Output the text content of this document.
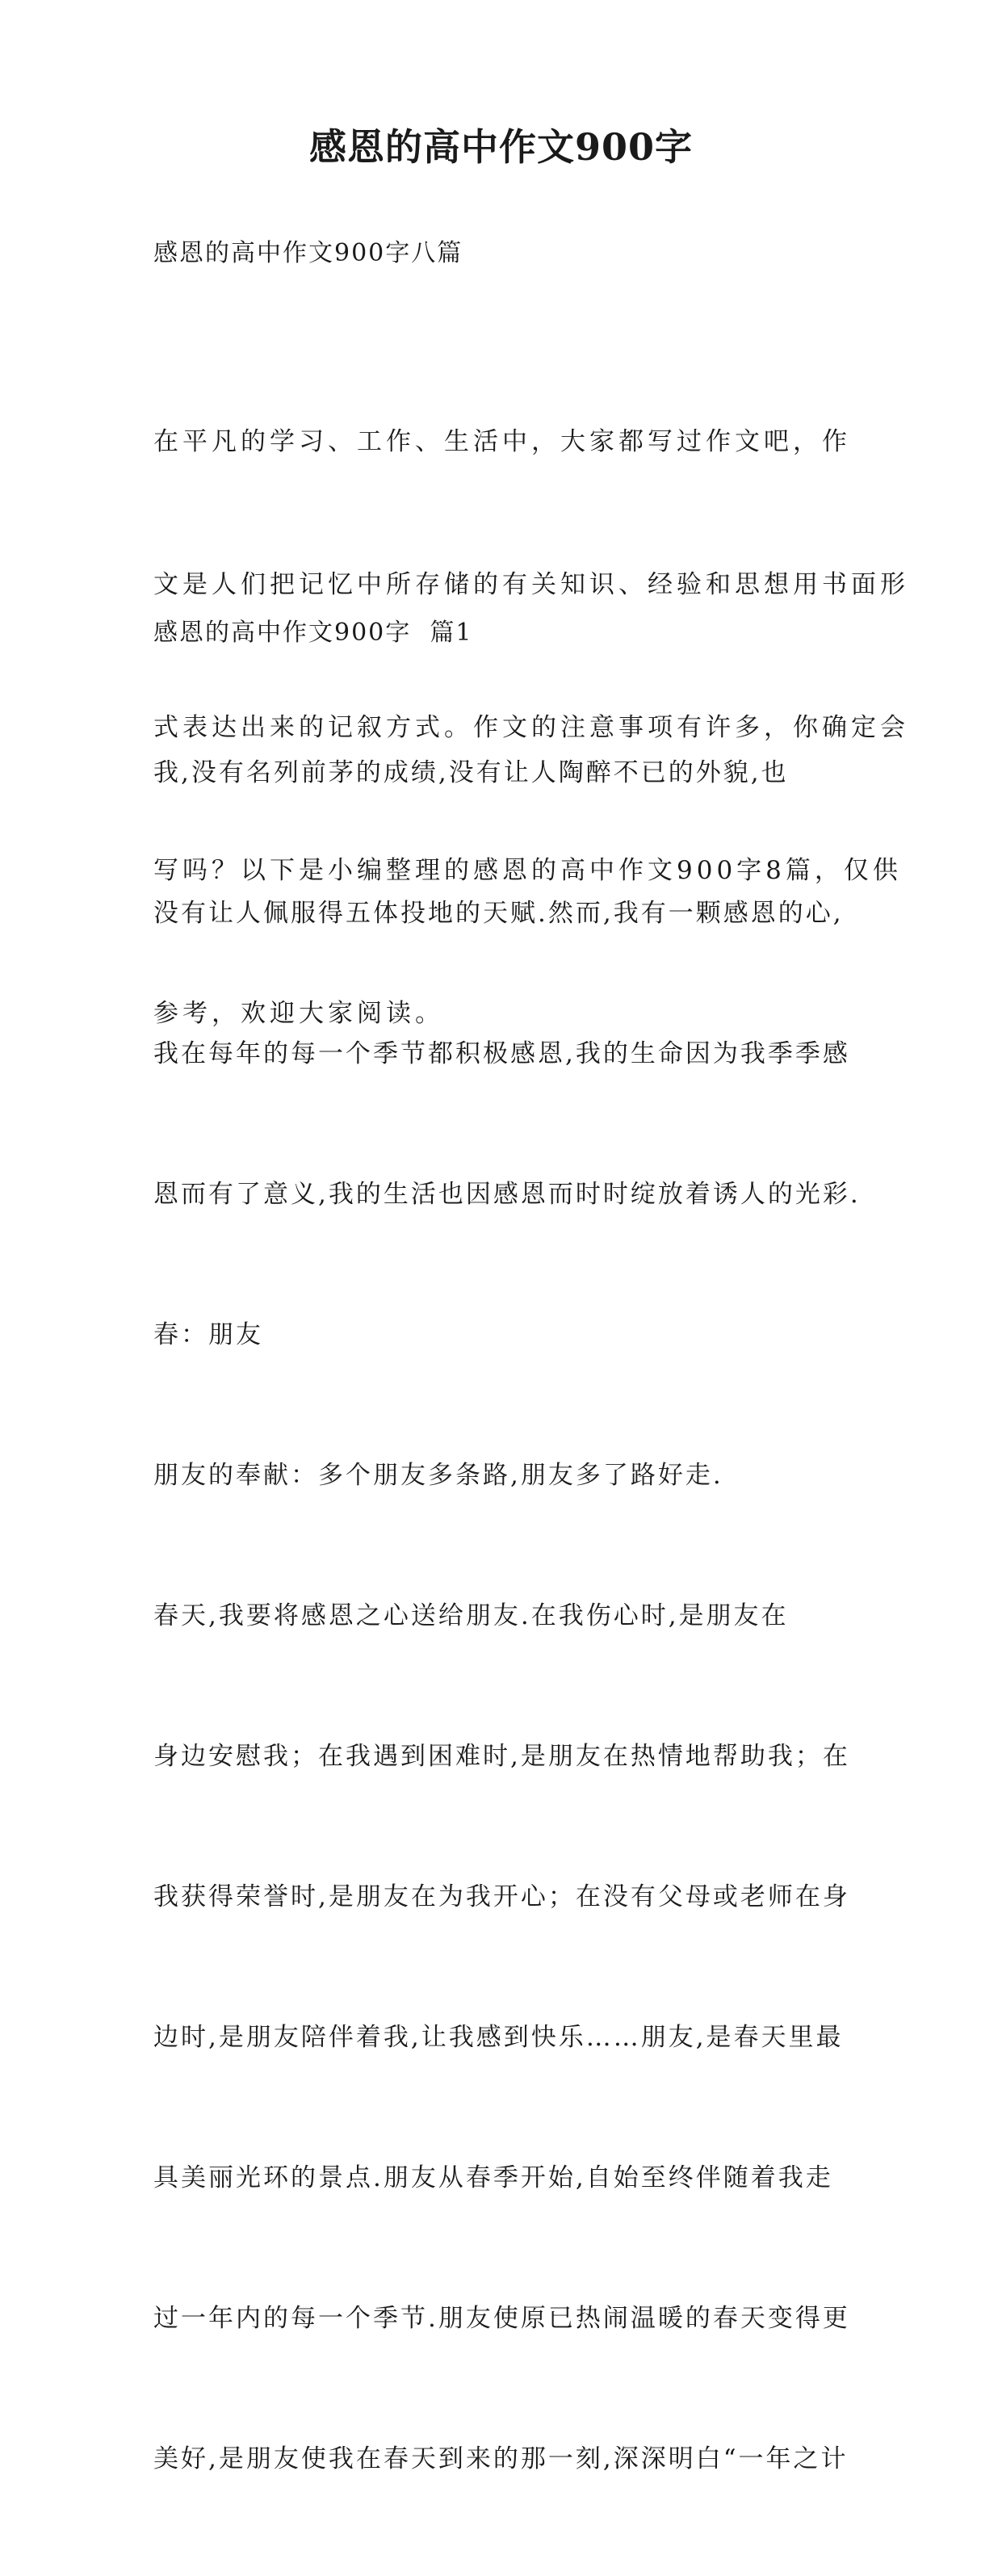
感恩的高中作文900字

感恩的高中作文900字八篇

在平凡的学习、工作、生活中，大家都写过作文吧，作

文是人们把记忆中所存储的有关知识、经验和思想用书面形

式表达出来的记叙方式。作文的注意事项有许多，你确定会

写吗？以下是小编整理的感恩的高中作文900字8篇，仅供

参考，欢迎大家阅读。

感恩的高中作文900字  篇1

我,没有名列前茅的成绩,没有让人陶醉不已的外貌,也

没有让人佩服得五体投地的天赋.然而,我有一颗感恩的心,

我在每年的每一个季节都积极感恩,我的生命因为我季季感

恩而有了意义,我的生活也因感恩而时时绽放着诱人的光彩.

春：朋友

朋友的奉献：多个朋友多条路,朋友多了路好走.

春天,我要将感恩之心送给朋友.在我伤心时,是朋友在

身边安慰我；在我遇到困难时,是朋友在热情地帮助我；在

我获得荣誉时,是朋友在为我开心；在没有父母或老师在身

边时,是朋友陪伴着我,让我感到快乐……朋友,是春天里最

具美丽光环的景点.朋友从春季开始,自始至终伴随着我走

过一年内的每一个季节.朋友使原已热闹温暖的春天变得更

美好,是朋友使我在春天到来的那一刻,深深明白“一年之计
